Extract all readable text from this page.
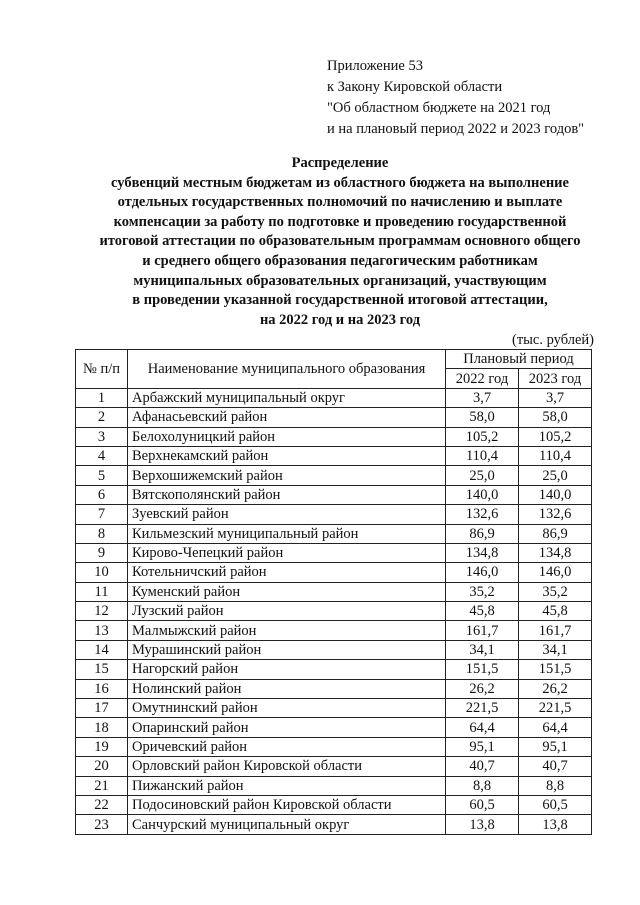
Приложение 53
к Закону Кировской области
"Об областном бюджете на 2021 год
и на плановый период 2022 и 2023 годов"
Распределение
субвенций местным бюджетам из областного бюджета на выполнение
отдельных государственных полномочий по начислению и выплате
компенсации за работу по подготовке и проведению государственной
итоговой аттестации по образовательным программам основного общего
и среднего общего образования педагогическим работникам
муниципальных образовательных организаций, участвующим
в проведении указанной государственной итоговой аттестации,
на 2022 год и на 2023 год
(тыс. рублей)
№ п/п	Наименование муниципального образования	Плановый период	
		2022 год	2023 год
1	Арбажский муниципальный округ	3,7	3,7
2	Афанасьевский район	58,0	58,0
3	Белохолуницкий район	105,2	105,2
4	Верхнекамский район	110,4	110,4
5	Верхошижемский район	25,0	25,0
6	Вятскополянский район	140,0	140,0
7	Зуевский район	132,6	132,6
8	Кильмезский муниципальный район	86,9	86,9
9	Кирово-Чепецкий район	134,8	134,8
10	Котельничский район	146,0	146,0
11	Куменский район	35,2	35,2
12	Лузский район	45,8	45,8
13	Малмыжский район	161,7	161,7
14	Мурашинский район	34,1	34,1
15	Нагорский район	151,5	151,5
16	Нолинский район	26,2	26,2
17	Омутнинский район	221,5	221,5
18	Опаринский район	64,4	64,4
19	Оричевский район	95,1	95,1
20	Орловский район Кировской области	40,7	40,7
21	Пижанский район	8,8	8,8
22	Подосиновский район Кировской области	60,5	60,5
23	Санчурский муниципальный округ	13,8	13,8
